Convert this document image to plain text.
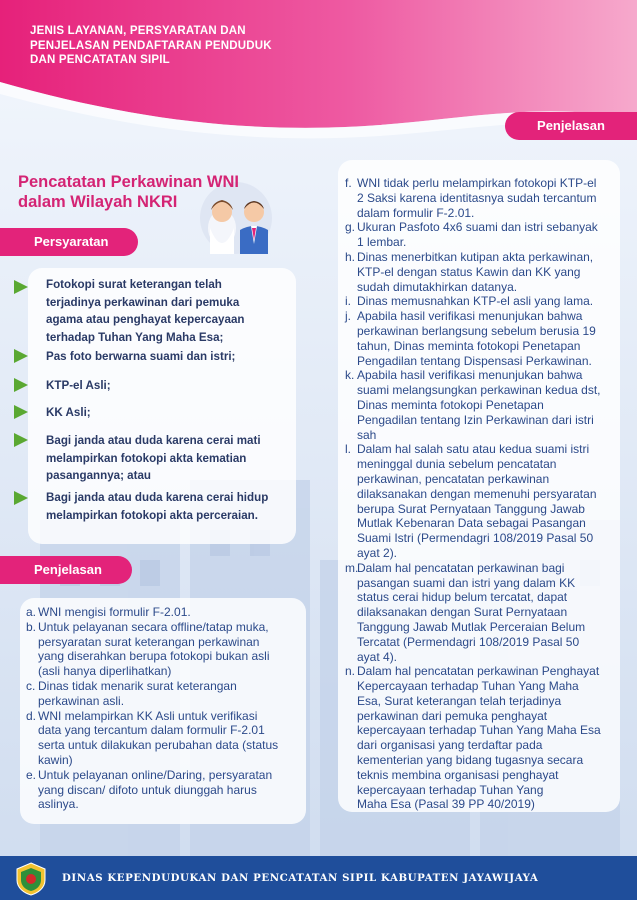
JENIS LAYANAN, PERSYARATAN DAN
PENJELASAN PENDAFTARAN PENDUDUK
DAN PENCATATAN SIPIL
Penjelasan
Pencatatan Perkawinan WNI
dalam Wilayah NKRI
Persyaratan
Fotokopi surat keterangan telah
terjadinya perkawinan dari pemuka
agama atau penghayat kepercayaan
terhadap Tuhan Yang Maha Esa;
Pas foto berwarna suami dan istri;
KTP-el Asli;
KK Asli;
Bagi janda atau duda karena cerai mati
melampirkan fotokopi akta kematian
pasangannya; atau
Bagi janda atau duda karena cerai hidup
melampirkan fotokopi akta perceraian.
Penjelasan
a. WNI mengisi formulir F-2.01.
b. Untuk pelayanan secara offline/tatap muka,
persyaratan surat keterangan perkawinan
yang diserahkan berupa fotokopi bukan asli
(asli hanya diperlihatkan)
c. Dinas tidak menarik surat keterangan
perkawinan asli.
d. WNI melampirkan KK Asli untuk verifikasi
data yang tercantum dalam formulir F-2.01
serta untuk dilakukan perubahan data (status
kawin)
e. Untuk pelayanan online/Daring, persyaratan
yang discan/ difoto untuk diunggah harus
aslinya.
f. WNI tidak perlu melampirkan fotokopi KTP-el
2 Saksi karena identitasnya sudah tercantum
dalam formulir F-2.01.
g. Ukuran Pasfoto 4x6 suami dan istri sebanyak
1 lembar.
h. Dinas menerbitkan kutipan akta perkawinan,
KTP-el dengan status Kawin dan KK yang
sudah dimutakhirkan datanya.
i. Dinas memusnahkan KTP-el asli yang lama.
j. Apabila hasil verifikasi menunjukan bahwa
perkawinan berlangsung sebelum berusia 19
tahun, Dinas meminta fotokopi Penetapan
Pengadilan tentang Dispensasi Perkawinan.
k. Apabila hasil verifikasi menunjukan bahwa
suami melangsungkan perkawinan kedua dst,
Dinas meminta fotokopi Penetapan
Pengadilan tentang Izin Perkawinan dari istri
sah
l. Dalam hal salah satu atau kedua suami istri
meninggal dunia sebelum pencatatan
perkawinan, pencatatan perkawinan
dilaksanakan dengan memenuhi persyaratan
berupa Surat Pernyataan Tanggung Jawab
Mutlak Kebenaran Data sebagai Pasangan
Suami Istri (Permendagri 108/2019 Pasal 50
ayat 2).
m.
Dalam hal pencatatan perkawinan bagi
pasangan suami dan istri yang dalam KK
status cerai hidup belum tercatat, dapat
dilaksanakan dengan Surat Pernyataan
Tanggung Jawab Mutlak Perceraian Belum
Tercatat (Permendagri 108/2019 Pasal 50
ayat 4).
n. Dalam hal pencatatan perkawinan Penghayat
Kepercayaan terhadap Tuhan Yang Maha
Esa, Surat keterangan telah terjadinya
perkawinan dari pemuka penghayat
kepercayaan terhadap Tuhan Yang Maha Esa
dari organisasi yang terdaftar pada
kementerian yang bidang tugasnya secara
teknis membina organisasi penghayat
kepercayaan terhadap Tuhan Yang
Maha Esa (Pasal 39 PP 40/2019)
DINAS KEPENDUDUKAN DAN PENCATATAN SIPIL KABUPATEN JAYAWIJAYA
